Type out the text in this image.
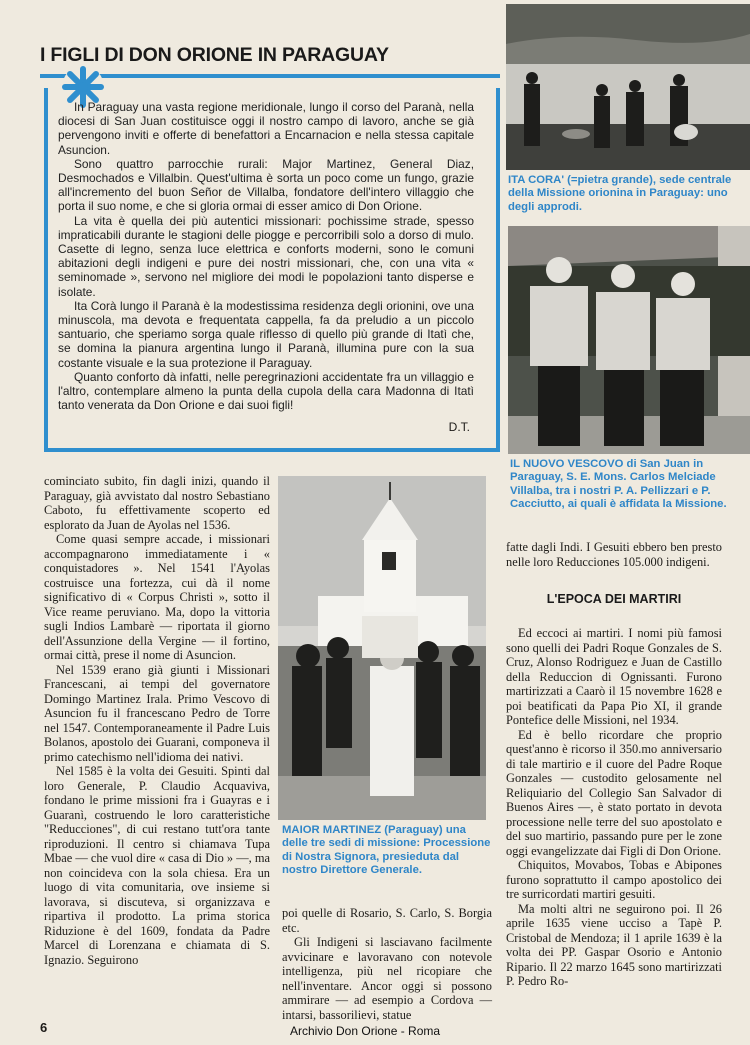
I FIGLI DI DON ORIONE IN PARAGUAY

In Paraguay una vasta regione meridionale, lungo il corso del Paranà, nella diocesi di San Juan costituisce oggi il nostro campo di lavoro, anche se già pervengono inviti e offerte di benefattori a Encarnacion e nella stessa capitale Asuncion.

Sono quattro parrocchie rurali: Major Martinez, General Diaz, Desmochados e Villalbin. Quest'ultima è sorta un poco come un fungo, grazie all'incremento del buon Señor de Villalba, fondatore dell'intero villaggio che porta il suo nome, e che si gloria ormai di esser amico di Don Orione.

La vita è quella dei più autentici missionari: pochissime strade, spesso impraticabili durante le stagioni delle piogge e percorribili solo a dorso di mulo. Casette di legno, senza luce elettrica e conforts moderni, sono le comuni abitazioni degli indigeni e pure dei nostri missionari, che, con una vita « seminomade », servono nel migliore dei modi le popolazioni tanto disperse e isolate.

Ita Corà lungo il Paranà è la modestissima residenza degli orionini, ove una minuscola, ma devota e frequentata cappella, fa da preludio a un piccolo santuario, che speriamo sorga quale riflesso di quello più grande di Itatì che, se domina la pianura argentina lungo il Paranà, illumina pure con la sua costante visuale e la sua protezione il Paraguay.

Quanto conforto dà infatti, nelle peregrinazioni accidentate fra un villaggio e l'altro, contemplare almeno la punta della cupola della cara Madonna di Itatì tanto venerata da Don Orione e dai suoi figli!

D.T.
ITA CORA' (=pietra grande), sede centrale della Missione orionina in Paraguay: uno degli approdi.
IL NUOVO VESCOVO di San Juan in Paraguay, S. E. Mons. Carlos Melciade Villalba, tra i nostri P. A. Pellizzari e P. Cacciutto, ai quali è affidata la Missione.
MAIOR MARTINEZ (Paraguay) una delle tre sedi di missione: Processione di Nostra Signora, presieduta dal nostro Direttore Generale.

cominciato subito, fin dagli inizi, quando il Paraguay, già avvistato dal nostro Sebastiano Caboto, fu effettivamente scoperto ed esplorato da Juan de Ayolas nel 1536.

Come quasi sempre accade, i missionari accompagnarono immediatamente i « conquistadores ». Nel 1541 l'Ayolas costruisce una fortezza, cui dà il nome significativo di « Corpus Christi », sotto il Vice reame peruviano. Ma, dopo la vittoria sugli Indios Lambarè — riportata il giorno dell'Assunzione della Vergine — il fortino, ormai città, prese il nome di Asuncion.

Nel 1539 erano già giunti i Missionari Francescani, ai tempi del governatore Domingo Martinez Irala. Primo Vescovo di Asuncion fu il francescano Pedro de Torre nel 1547. Contemporaneamente il Padre Luis Bolanos, apostolo dei Guarani, componeva il primo catechismo nell'idioma dei nativi.

Nel 1585 è la volta dei Gesuiti. Spinti dal loro Generale, P. Claudio Acquaviva, fondano le prime missioni fra i Guayras e i Guaranì, costruendo le loro caratteristiche "Reducciones", di cui restano tutt'ora tante riproduzioni. Il centro si chiamava Tupa Mbae — che vuol dire « casa di Dio » —, ma non coincideva con la sola chiesa. Era un luogo di vita comunitaria, ove insieme si lavorava, si discuteva, si organizzava e ripartiva il prodotto. La prima storica Riduzione è del 1609, fondata da Padre Marcel di Lorenzana e chiamata di S. Ignazio. Seguirono

poi quelle di Rosario, S. Carlo, S. Borgia etc.

Gli Indigeni si lasciavano facilmente avvicinare e lavoravano con notevole intelligenza, più nel ricopiare che nell'inventare. Ancor oggi si possono ammirare — ad esempio a Cordova — intarsi, bassorilievi, statue

fatte dagli Indi. I Gesuiti ebbero ben presto nelle loro Reducciones 105.000 indigeni.

L'EPOCA DEI MARTIRI

Ed eccoci ai martiri. I nomi più famosi sono quelli dei Padri Roque Gonzales de S. Cruz, Alonso Rodriguez e Juan de Castillo della Reduccion di Ognissanti. Furono martirizzati a Caarò il 15 novembre 1628 e poi beatificati da Papa Pio XI, il grande Pontefice delle Missioni, nel 1934.

Ed è bello ricordare che proprio quest'anno è ricorso il 350.mo anniversario di tale martirio e il cuore del Padre Roque Gonzales — custodito gelosamente nel Reliquiario del Collegio San Salvador di Buenos Aires —, è stato portato in devota processione nelle terre del suo apostolato e del suo martirio, passando pure per le zone oggi evangelizzate dai Figli di Don Orione.

Chiquitos, Movabos, Tobas e Abipones furono soprattutto il campo apostolico dei tre surricordati martiri gesuiti.

Ma molti altri ne seguirono poi. Il 26 aprile 1635 viene ucciso a Tapè P. Cristobal de Mendoza; il 1 aprile 1639 è la volta dei PP. Gaspar Osorio e Antonio Ripario. Il 22 marzo 1645 sono martirizzati P. Pedro Ro-

6	Archivio Don Orione - Roma
